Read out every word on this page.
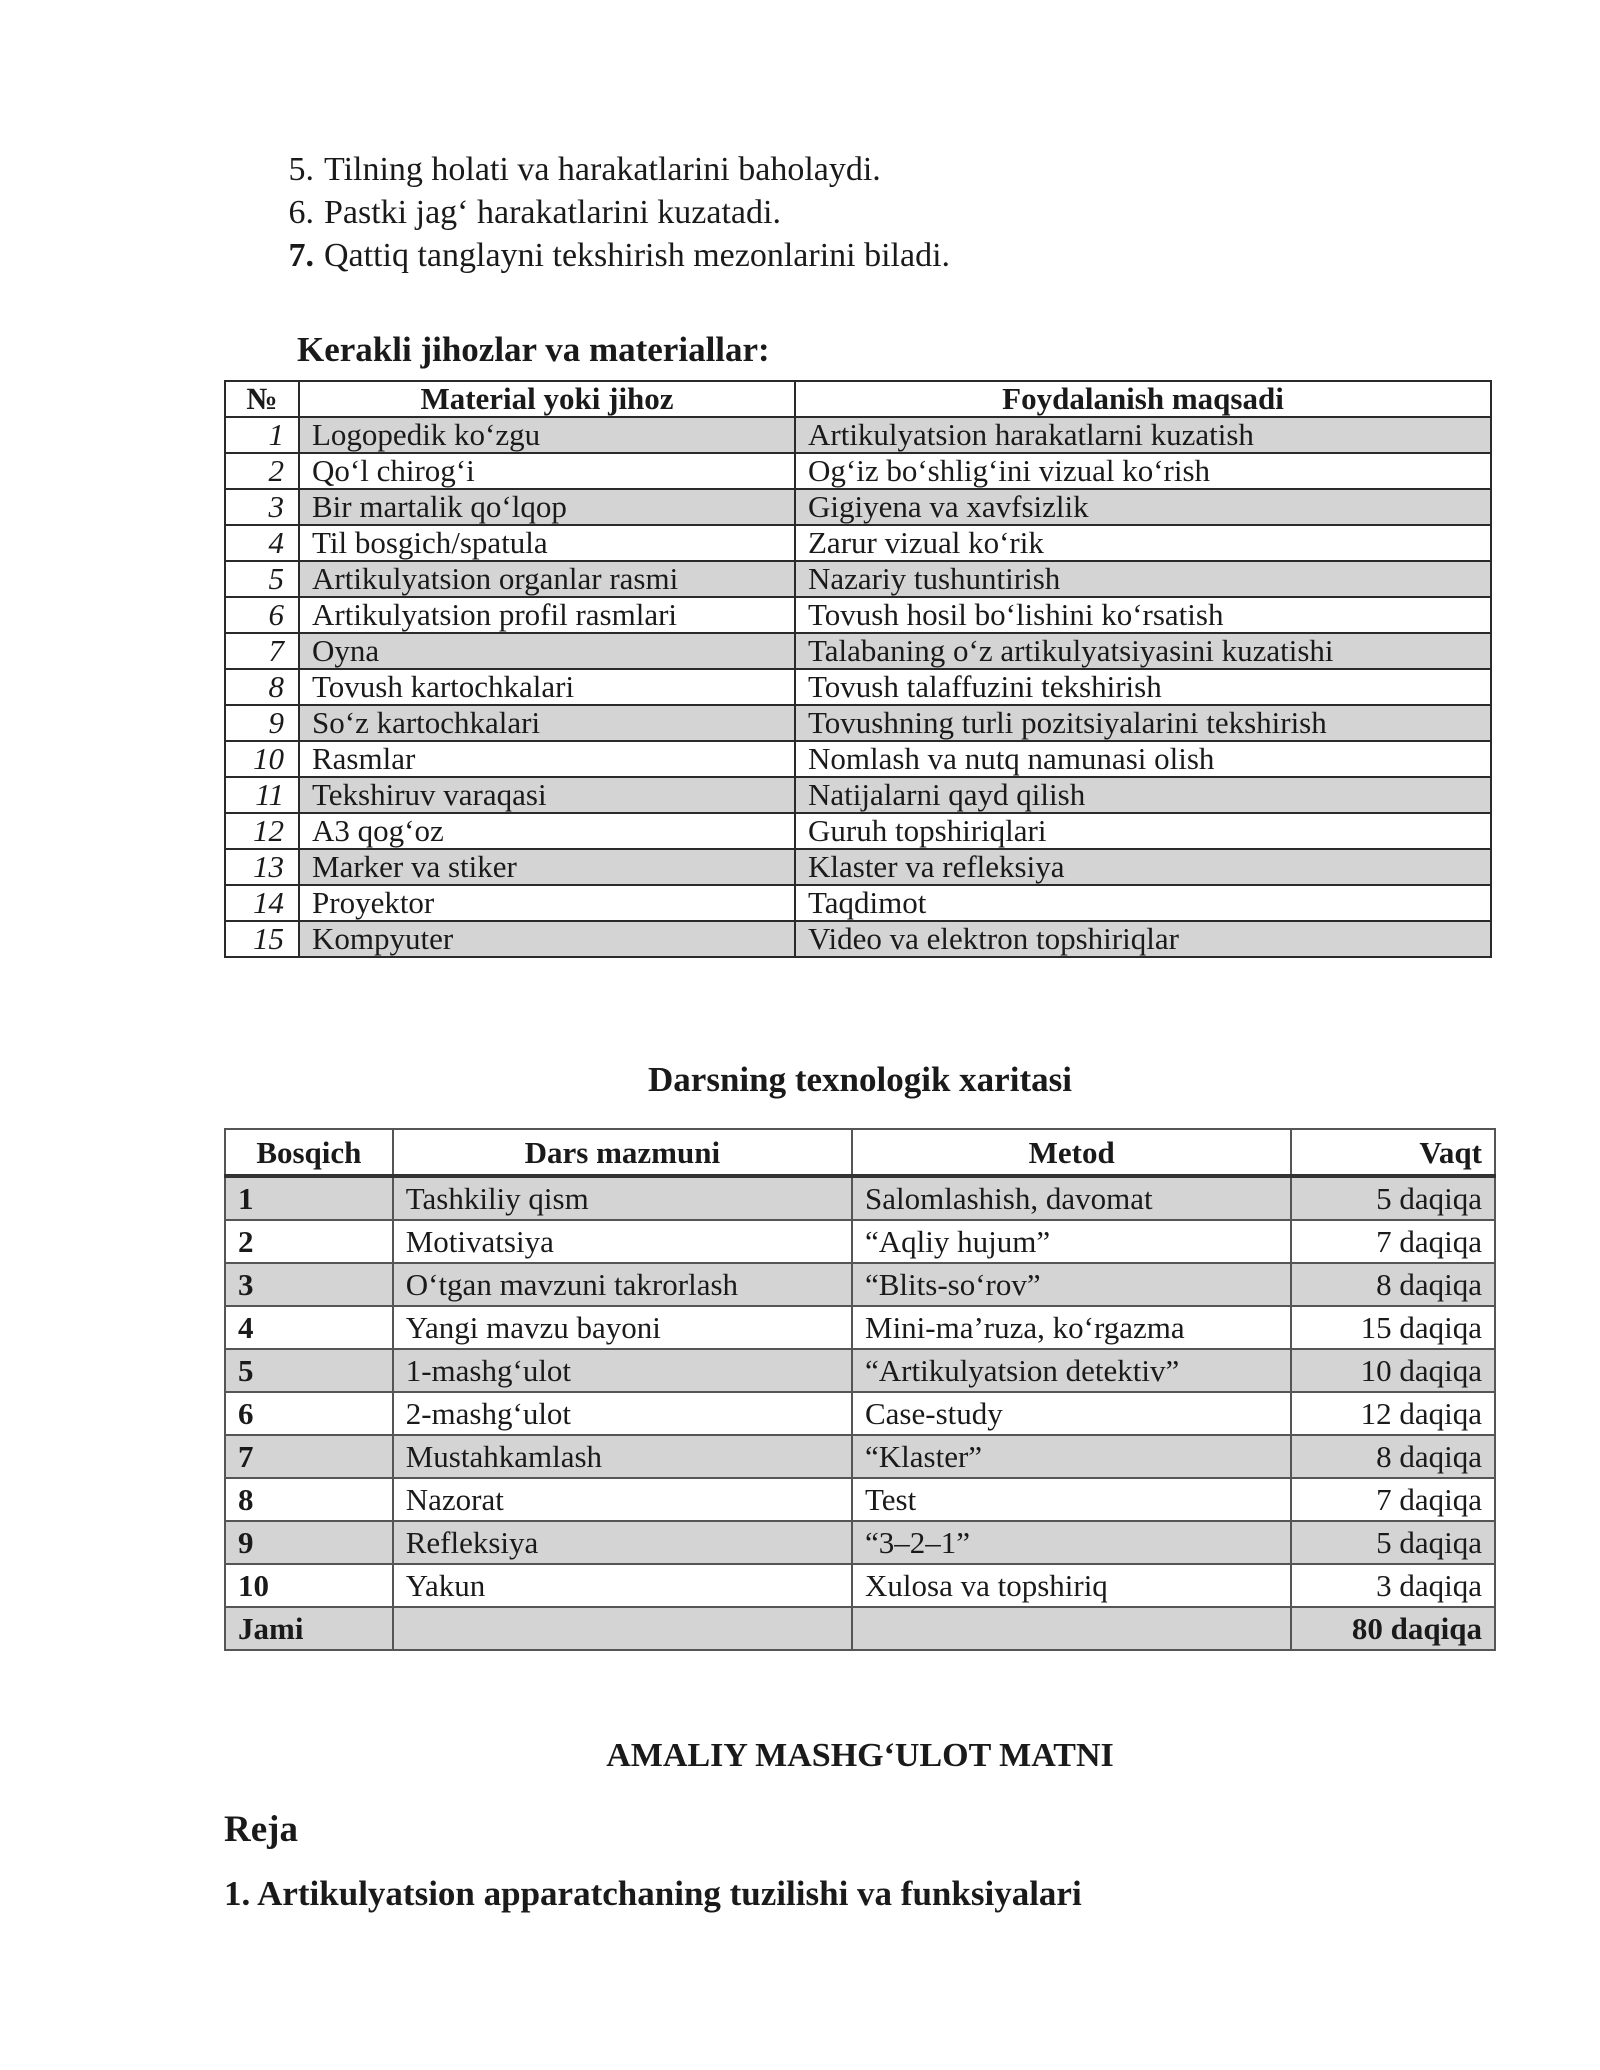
5. Tilning holati va harakatlarini baholaydi.
6. Pastki jag‘ harakatlarini kuzatadi.
7. Qattiq tanglayni tekshirish mezonlarini biladi.
Kerakli jihozlar va materiallar:
№	Material yoki jihoz	Foydalanish maqsadi
1	Logopedik ko‘zgu	Artikulyatsion harakatlarni kuzatish
2	Qo‘l chirog‘i	Og‘iz bo‘shlig‘ini vizual ko‘rish
3	Bir martalik qo‘lqop	Gigiyena va xavfsizlik
4	Til bosgich/spatula	Zarur vizual ko‘rik
5	Artikulyatsion organlar rasmi	Nazariy tushuntirish
6	Artikulyatsion profil rasmlari	Tovush hosil bo‘lishini ko‘rsatish
7	Oyna	Talabaning o‘z artikulyatsiyasini kuzatishi
8	Tovush kartochkalari	Tovush talaffuzini tekshirish
9	So‘z kartochkalari	Tovushning turli pozitsiyalarini tekshirish
10	Rasmlar	Nomlash va nutq namunasi olish
11	Tekshiruv varaqasi	Natijalarni qayd qilish
12	A3 qog‘oz	Guruh topshiriqlari
13	Marker va stiker	Klaster va refleksiya
14	Proyektor	Taqdimot
15	Kompyuter	Video va elektron topshiriqlar
Darsning texnologik xaritasi
Bosqich	Dars mazmuni	Metod	Vaqt
1	Tashkiliy qism	Salomlashish, davomat	5 daqiqa
2	Motivatsiya	“Aqliy hujum”	7 daqiqa
3	O‘tgan mavzuni takrorlash	“Blits-so‘rov”	8 daqiqa
4	Yangi mavzu bayoni	Mini-ma’ruza, ko‘rgazma	15 daqiqa
5	1-mashg‘ulot	“Artikulyatsion detektiv”	10 daqiqa
6	2-mashg‘ulot	Case-study	12 daqiqa
7	Mustahkamlash	“Klaster”	8 daqiqa
8	Nazorat	Test	7 daqiqa
9	Refleksiya	“3–2–1”	5 daqiqa
10	Yakun	Xulosa va topshiriq	3 daqiqa
Jami			80 daqiqa
AMALIY MASHG‘ULOT MATNI
Reja
1. Artikulyatsion apparatchaning tuzilishi va funksiyalari
